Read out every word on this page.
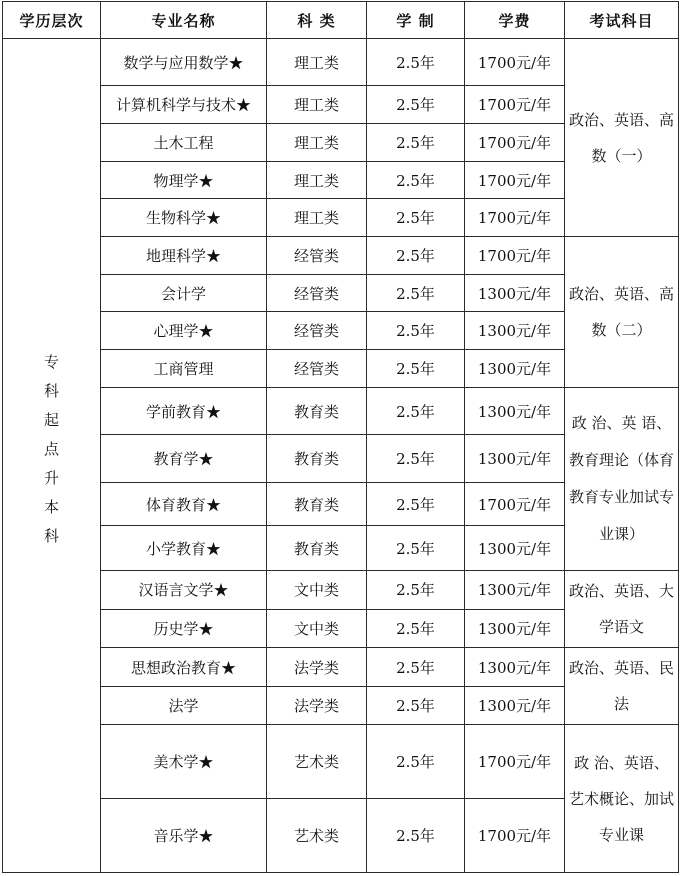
学历层次	专业名称	科 类	学 制	学费	考试科目
专科起点升本科	数学与应用数学★	理工类	2.5年	1700元/年	政治、英语、高数（一）
	计算机科学与技术★	理工类	2.5年	1700元/年	
	土木工程	理工类	2.5年	1700元/年	
	物理学★	理工类	2.5年	1700元/年	
	生物科学★	理工类	2.5年	1700元/年	
	地理科学★	经管类	2.5年	1700元/年	政治、英语、高数（二）
	会计学	经管类	2.5年	1300元/年	
	心理学★	经管类	2.5年	1300元/年	
	工商管理	经管类	2.5年	1300元/年	
	学前教育★	教育类	2.5年	1300元/年	政 治、英 语、教育理论（体育教育专业加试专业课）
	教育学★	教育类	2.5年	1300元/年	
	体育教育★	教育类	2.5年	1700元/年	
	小学教育★	教育类	2.5年	1300元/年	
	汉语言文学★	文中类	2.5年	1300元/年	政治、英语、大学语文
	历史学★	文中类	2.5年	1300元/年	
	思想政治教育★	法学类	2.5年	1300元/年	政治、英语、民法
	法学	法学类	2.5年	1300元/年	
	美术学★	艺术类	2.5年	1700元/年	政 治、英语、艺术概论、加试专业课
	音乐学★	艺术类	2.5年	1700元/年	
